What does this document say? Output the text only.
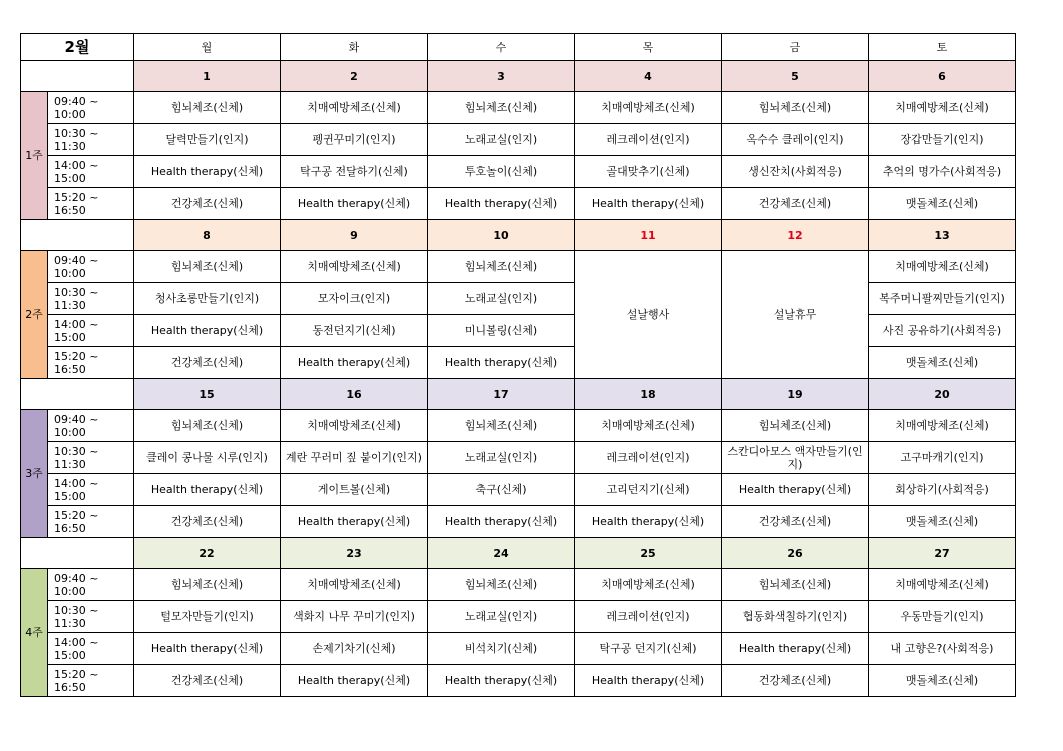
2월		월	화	수	목	금	토
		1	2	3	4	5	6
1주	09:40 ~ 10:00	힘뇌체조(신체)	치매예방체조(신체)	힘뇌체조(신체)	치매예방체조(신체)	힘뇌체조(신체)	치매예방체조(신체)
	10:30 ~ 11:30	달력만들기(인지)	펭귄꾸미기(인지)	노래교실(인지)	레크레이션(인지)	옥수수 클레이(인지)	장갑만들기(인지)
	14:00 ~ 15:00	Health therapy(신체)	탁구공 전달하기(신체)	투호놀이(신체)	골대맞추기(신체)	생신잔치(사회적응)	추억의 명가수(사회적응)
	15:20 ~ 16:50	건강체조(신체)	Health therapy(신체)	Health therapy(신체)	Health therapy(신체)	건강체조(신체)	맷돌체조(신체)
		8	9	10	11	12	13
2주	09:40 ~ 10:00	힘뇌체조(신체)	치매예방체조(신체)	힘뇌체조(신체)	설날행사	설날휴무	치매예방체조(신체)
	10:30 ~ 11:30	청사초롱만들기(인지)	모자이크(인지)	노래교실(인지)			복주머니팔찌만들기(인지)
	14:00 ~ 15:00	Health therapy(신체)	동전던지기(신체)	미니볼링(신체)			사진 공유하기(사회적응)
	15:20 ~ 16:50	건강체조(신체)	Health therapy(신체)	Health therapy(신체)			맷돌체조(신체)
		15	16	17	18	19	20
3주	09:40 ~ 10:00	힘뇌체조(신체)	치매예방체조(신체)	힘뇌체조(신체)	치매예방체조(신체)	힘뇌체조(신체)	치매예방체조(신체)
	10:30 ~ 11:30	클레이 콩나물 시루(인지)	계란 꾸러미 짚 붙이기(인지)	노래교실(인지)	레크레이션(인지)	스칸디아모스 액자만들기(인지)	고구마캐기(인지)
	14:00 ~ 15:00	Health therapy(신체)	게이트볼(신체)	축구(신체)	고리던지기(신체)	Health therapy(신체)	회상하기(사회적응)
	15:20 ~ 16:50	건강체조(신체)	Health therapy(신체)	Health therapy(신체)	Health therapy(신체)	건강체조(신체)	맷돌체조(신체)
		22	23	24	25	26	27
4주	09:40 ~ 10:00	힘뇌체조(신체)	치매예방체조(신체)	힘뇌체조(신체)	치매예방체조(신체)	힘뇌체조(신체)	치매예방체조(신체)
	10:30 ~ 11:30	털모자만들기(인지)	색화지 나무 꾸미기(인지)	노래교실(인지)	레크레이션(인지)	협동화색칠하기(인지)	우동만들기(인지)
	14:00 ~ 15:00	Health therapy(신체)	손제기차기(신체)	비석치기(신체)	탁구공 던지기(신체)	Health therapy(신체)	내 고향은?(사회적응)
	15:20 ~ 16:50	건강체조(신체)	Health therapy(신체)	Health therapy(신체)	Health therapy(신체)	건강체조(신체)	맷돌체조(신체)
